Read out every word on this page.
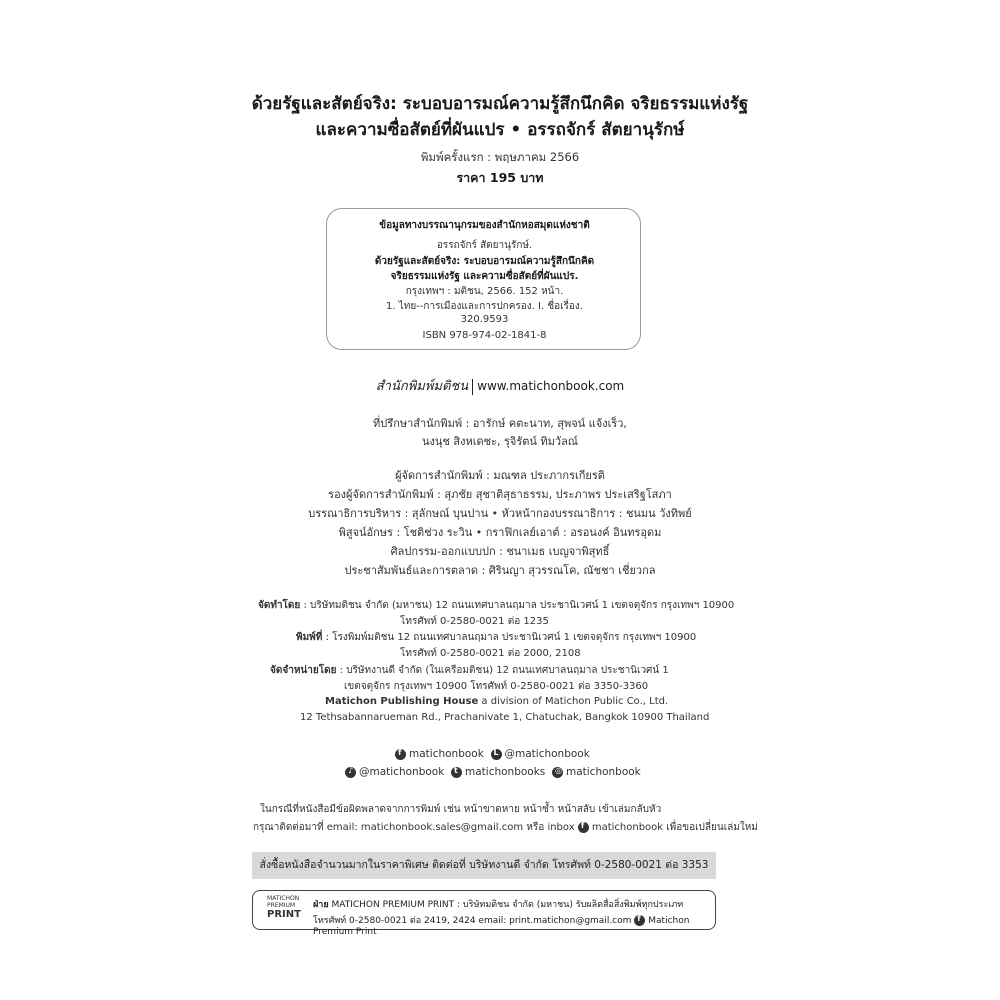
ด้วยรัฐและสัตย์จริง: ระบอบอารมณ์ความรู้สึกนึกคิด จริยธรรมแห่งรัฐ
และความซื่อสัตย์ที่ผันแปร • อรรถจักร์ สัตยานุรักษ์
พิมพ์ครั้งแรก : พฤษภาคม 2566
ราคา 195 บาท
ข้อมูลทางบรรณานุกรมของสำนักหอสมุดแห่งชาติ
อรรถจักร์ สัตยานุรักษ์.
ด้วยรัฐและสัตย์จริง: ระบอบอารมณ์ความรู้สึกนึกคิด
จริยธรรมแห่งรัฐ และความซื่อสัตย์ที่ผันแปร.
กรุงเทพฯ : มติชน, 2566. 152 หน้า.
1. ไทย--การเมืองและการปกครอง. I. ชื่อเรื่อง.
320.9593
ISBN 978-974-02-1841-8
สำนักพิมพ์มติชน www.matichonbook.com
ที่ปรึกษาสำนักพิมพ์ : อารักษ์ คตะนาท, สุพจน์ แจ้งเร็ว,
นงนุช สิงหเดชะ, รุจิรัตน์ ทิมวัลณ์
ผู้จัดการสำนักพิมพ์ : มณฑล ประภากรเกียรติ
รองผู้จัดการสำนักพิมพ์ : สุภชัย สุชาติสุธาธรรม, ประภาพร ประเสริฐโสภา
บรรณาธิการบริหาร : สุลักษณ์ บุนปาน • หัวหน้ากองบรรณาธิการ : ชนมน วังทิพย์
พิสูจน์อักษร : โชติช่วง ระวิน • กราฟิกเลย์เอาต์ : อรอนงค์ อินทรอุดม
ศิลปกรรม-ออกแบบปก : ชนาเมธ เบญจาพิสุทธิ์
ประชาสัมพันธ์และการตลาด : ศิรินญา สุวรรณโค, ณัชชา เชี่ยวกล
จัดทำโดย : บริษัทมติชน จำกัด (มหาชน) 12 ถนนเทศบาลนฤมาล ประชานิเวศน์ 1 เขตจตุจักร กรุงเทพฯ 10900
โทรศัพท์ 0-2580-0021 ต่อ 1235
พิมพ์ที่ : โรงพิมพ์มติชน 12 ถนนเทศบาลนฤมาล ประชานิเวศน์ 1 เขตจตุจักร กรุงเทพฯ 10900
โทรศัพท์ 0-2580-0021 ต่อ 2000, 2108
จัดจำหน่ายโดย : บริษัทงานดี จำกัด (ในเครือมติชน) 12 ถนนเทศบาลนฤมาล ประชานิเวศน์ 1
เขตจตุจักร กรุงเทพฯ 10900 โทรศัพท์ 0-2580-0021 ต่อ 3350-3360
Matichon Publishing House a division of Matichon Public Co., Ltd.
12 Tethsabannarueman Rd., Prachanivate 1, Chatuchak, Bangkok 10900 Thailand
f matichonbook L @matichonbook
♪ @matichonbook t matichonbooks ◎ matichonbook
ในกรณีที่หนังสือมีข้อผิดพลาดจากการพิมพ์ เช่น หน้าขาดหาย หน้าซ้ำ หน้าสลับ เข้าเล่มกลับหัว
กรุณาติดต่อมาที่ email: matichonbook.sales@gmail.com หรือ inbox f matichonbook เพื่อขอเปลี่ยนเล่มใหม่
สั่งซื้อหนังสือจำนวนมากในราคาพิเศษ ติดต่อที่ บริษัทงานดี จำกัด โทรศัพท์ 0-2580-0021 ต่อ 3353
MATICHON
PREMIUM
PRINT
ฝ่าย MATICHON PREMIUM PRINT : บริษัทมติชน จำกัด (มหาชน) รับผลิตสื่อสิ่งพิมพ์ทุกประเภท
โทรศัพท์ 0-2580-0021 ต่อ 2419, 2424 email: print.matichon@gmail.com f Matichon Premium Print
